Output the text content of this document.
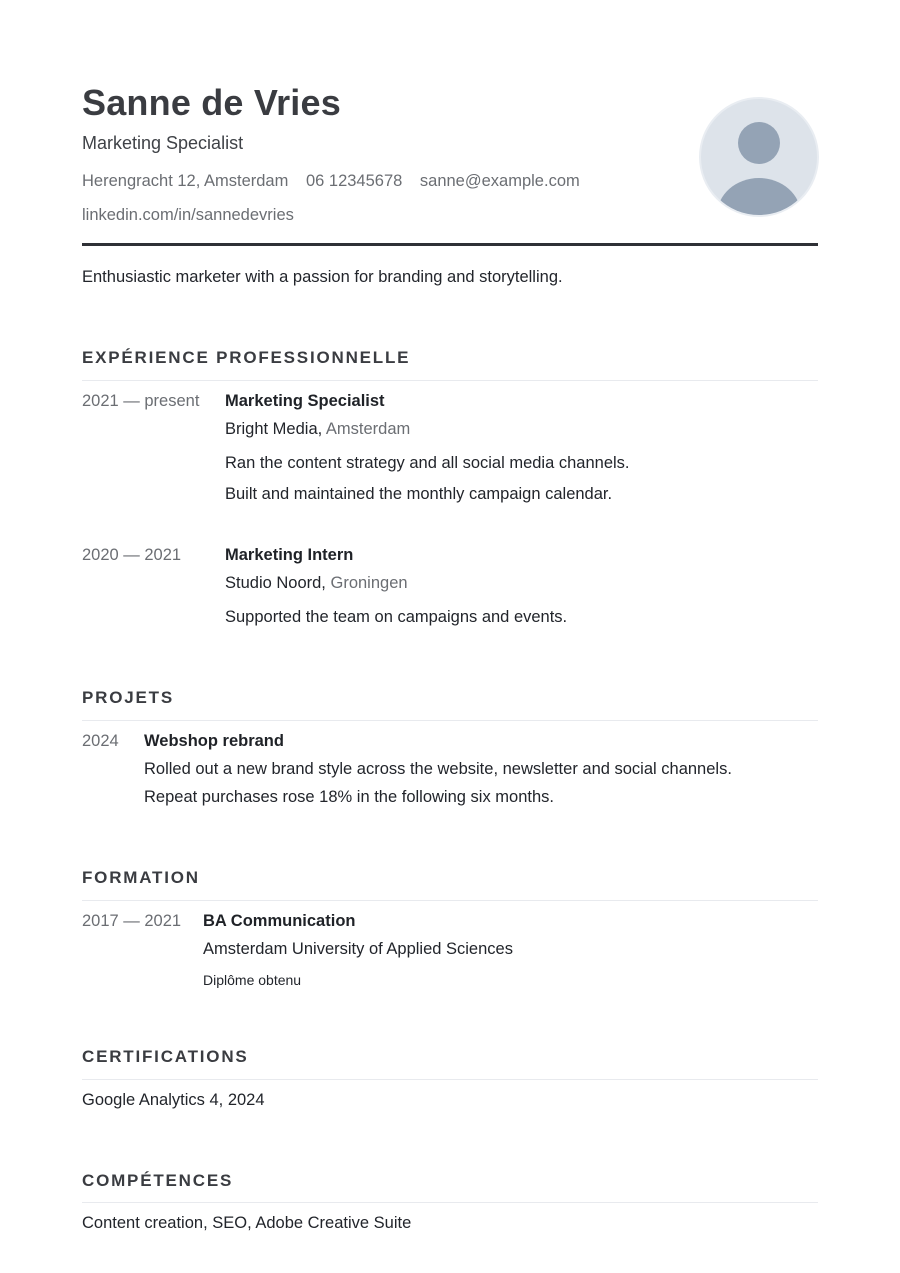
Sanne de Vries
Marketing Specialist
Herengracht 12, Amsterdam 06 12345678 sanne@example.com
linkedin.com/in/sannedevries
Enthusiastic marketer with a passion for branding and storytelling.
EXPÉRIENCE PROFESSIONNELLE
2021 — present Marketing Specialist
Bright Media, Amsterdam
Ran the content strategy and all social media channels.
Built and maintained the monthly campaign calendar.
2020 — 2021	Marketing Intern
Studio Noord, Groningen
Supported the team on campaigns and events.
PROJETS
2024 Webshop rebrand
Rolled out a new brand style across the website, newsletter and social channels.
Repeat purchases rose 18% in the following six months.
FORMATION
2017 — 2021 BA Communication
Amsterdam University of Applied Sciences
Diplôme obtenu
CERTIFICATIONS
Google Analytics 4, 2024
COMPÉTENCES
Content creation, SEO, Adobe Creative Suite
